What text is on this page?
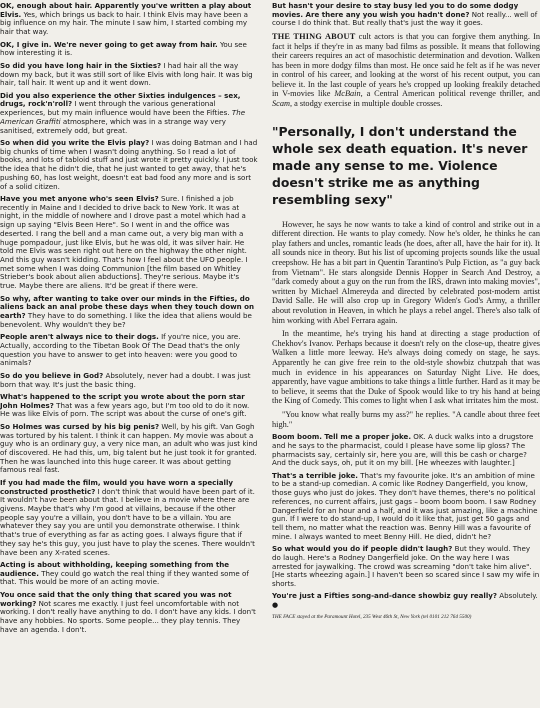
OK, enough about hair. Apparently you've written a play about Elvis. Yes, which brings us back to hair. I think Elvis may have been a big influence on my hair. The minute I saw him, I started combing my hair that way.
OK, I give in. We're never going to get away from hair. You see how interesting it is.
So did you have long hair in the Sixties? I had hair all the way down my back, but it was still sort of like Elvis with long hair. It was big hair, tall hair. It went up and it went down.
Did you also experience the other Sixties indulgences – sex, drugs, rock'n'roll? I went through the various generational experiences, but my main influence would have been the Fifties. The American Graffiti atmosphere, which was in a strange way very sanitised, extremely odd, but great.
So when did you write the Elvis play? I was doing Batman and I had big chunks of time when I wasn't doing anything. So I read a lot of books, and lots of tabloid stuff and just wrote it pretty quickly. I just took the idea that he didn't die, that he just wanted to get away, that he's pushing 60, has lost weight, doesn't eat bad food any more and is sort of a solid citizen.
Have you met anyone who's seen Elvis? Sure. I finished a job recently in Maine and I decided to drive back to New York. It was at night, in the middle of nowhere and I drove past a motel which had a sign up saying "Elvis Been Here". So I went in and the office was deserted. I rang the bell and a man came out, a very big man with a huge pompadour, just like Elvis, but he was old, it was silver hair. He told me Elvis was seen right out here on the highway the other night. And this guy wasn't kidding. That's how I feel about the UFO people. I met some when I was doing Communion [the film based on Whitley Strieber's book about alien abductions]. They're serious. Maybe it's true. Maybe there are aliens. It'd be great if there were.
So why, after wanting to take over our minds in the Fifties, do aliens back an anal probe these days when they touch down on earth? They have to do something. I like the idea that aliens would be benevolent. Why wouldn't they be?
People aren't always nice to their dogs. If you're nice, you are. Actually, according to the Tibetan Book Of The Dead that's the only question you have to answer to get into heaven: were you good to animals?
So do you believe in God? Absolutely, never had a doubt. I was just born that way. It's just the basic thing.
What's happened to the script you wrote about the porn star John Holmes? That was a few years ago, but I'm too old to do it now. He was like Elvis of porn. The script was about the curse of one's gift.
So Holmes was cursed by his big penis? Well, by his gift. Van Gogh was tortured by his talent. I think it can happen. My movie was about a guy who is an ordinary guy, a very nice man, an adult who was just kind of discovered. He had this, um, big talent but he just took it for granted. Then he was launched into this huge career. It was about getting famous real fast.
If you had made the film, would you have worn a specially constructed prosthetic? I don't think that would have been part of it. It wouldn't have been about that. I believe in a movie where there are givens. Maybe that's why I'm good at villains, because if the other people say you're a villain, you don't have to be a villain. You are whatever they say you are until you demonstrate otherwise. I think that's true of everything as far as acting goes. I always figure that if they say he's this guy, you just have to play the scenes. There wouldn't have been any X-rated scenes.
Acting is about withholding, keeping something from the audience. They could go watch the real thing if they wanted some of that. This would be more of an acting movie.
You once said that the only thing that scared you was not working? Not scares me exactly. I just feel uncomfortable with not working. I don't really have anything to do. I don't have any kids. I don't have any hobbies. No sports. Some people... they play tennis. They have an agenda. I don't.
But hasn't your desire to stay busy led you to do some dodgy movies. Are there any you wish you hadn't done? Not really... well of course I do think that. But really that's just the way it goes.
THE THING ABOUT cult actors is that you can forgive them anything. In fact it helps if they're in as many bad films as possible. It means that following their careers requires an act of masochistic determination and devotion. Walken has been in more dodgy films than most. He once said he felt as if he was never in control of his career, and looking at the worst of his recent output, you can believe it. In the last couple of years he's cropped up looking freakily detached in V-movies like McBain, a Central American political revenge thriller, and Scam, a stodgy exercise in multiple double crosses.
"Personally, I don't understand the whole sex death equation. It's never made any sense to me. Violence doesn't strike me as anything resembling sexy"

However, he says he now wants to take a kind of control and strike out in a different direction. He wants to play comedy. Now he's older, he thinks he can play fathers and uncles, romantic leads (he does, after all, have the hair for it). It all sounds nice in theory. But his list of upcoming projects sounds like the usual creepshow. He has a bit part in Quentin Tarantino's Pulp Fiction, as "a guy back from Vietnam". He stars alongside Dennis Hopper in Search And Destroy, a "dark comedy about a guy on the run from the IRS, drawn into making movies", written by Michael Almereyda and directed by celebrated post-modern artist David Salle. He will also crop up in Gregory Widen's God's Army, a thriller about revolution in Heaven, in which he plays a rebel angel. There's also talk of him working with Abel Ferrara again.

In the meantime, he's trying his hand at directing a stage production of Chekhov's Ivanov. Perhaps because it doesn't rely on the close-up, theatre gives Walken a little more leeway. He's always doing comedy on stage, he says. Apparently he can give free rein to the old-style showbiz chutzpah that was much in evidence in his appearances on Saturday Night Live. He does, apparently, have vague ambitions to take things a little further. Hard as it may be to believe, it seems that the Duke of Spook would like to try his hand at being the King of Comedy. This comes to light when I ask what irritates him the most.

"You know what really burns my ass?" he replies. "A candle about three feet high."

Boom boom. Tell me a proper joke. OK. A duck walks into a drugstore and he says to the pharmacist, could I please have some lip gloss? The pharmacists say, certainly sir, here you are, will this be cash or charge? And the duck says, oh, put it on my bill. [He wheezes with laughter.]
That's a terrible joke. That's my favourite joke. It's an ambition of mine to be a stand-up comedian. A comic like Rodney Dangerfield, you know, those guys who just do jokes. They don't have themes, there's no political references, no current affairs, just gags – boom boom boom. I saw Rodney Dangerfield for an hour and a half, and it was just amazing, like a machine gun. If I were to do stand-up, I would do it like that, just get 50 gags and tell them, no matter what the reaction was. Benny Hill was a favourite of mine. I always wanted to meet Benny Hill. He died, didn't he?
So what would you do if people didn't laugh? But they would. They do laugh. Here's a Rodney Dangerfield joke. On the way here I was arrested for jaywalking. The crowd was screaming "don't take him alive". [He starts wheezing again.] I haven't been so scared since I saw my wife in shorts.
You're just a Fifties song-and-dance showbiz guy really? Absolutely. ●
THE FACE stayed at the Paramount Hotel, 235 West 46th St, New York (tel 0101 212 764 5500)
